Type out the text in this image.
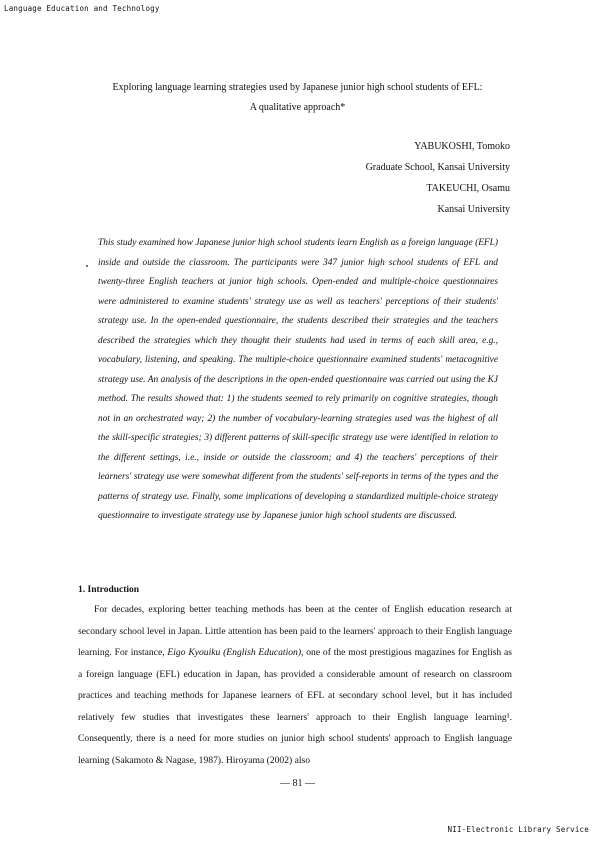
Language Education and Technology
Exploring language learning strategies used by Japanese junior high school students of EFL:
A qualitative approach*
YABUKOSHI, Tomoko
Graduate School, Kansai University
TAKEUCHI, Osamu
Kansai University

This study examined how Japanese junior high school students learn English as a foreign language (EFL) inside and outside the classroom. The participants were 347 junior high school students of EFL and twenty-three English teachers at junior high schools. Open-ended and multiple-choice questionnaires were administered to examine students' strategy use as well as teachers' perceptions of their students' strategy use. In the open-ended questionnaire, the students described their strategies and the teachers described the strategies which they thought their students had used in terms of each skill area, e.g., vocabulary, listening, and speaking. The multiple-choice questionnaire examined students' metacognitive strategy use. An analysis of the descriptions in the open-ended questionnaire was carried out using the KJ method. The results showed that: 1) the students seemed to rely primarily on cognitive strategies, though not in an orchestrated way; 2) the number of vocabulary-learning strategies used was the highest of all the skill-specific strategies; 3) different patterns of skill-specific strategy use were identified in relation to the different settings, i.e., inside or outside the classroom; and 4) the teachers' perceptions of their learners' strategy use were somewhat different from the students' self-reports in terms of the types and the patterns of strategy use. Finally, some implications of developing a standardized multiple-choice strategy questionnaire to investigate strategy use by Japanese junior high school students are discussed.

1. Introduction

For decades, exploring better teaching methods has been at the center of English education research at secondary school level in Japan. Little attention has been paid to the learners' approach to their English language learning. For instance, Eigo Kyouiku (English Education), one of the most prestigious magazines for English as a foreign language (EFL) education in Japan, has provided a considerable amount of research on classroom practices and teaching methods for Japanese learners of EFL at secondary school level, but it has included relatively few studies that investigates these learners' approach to their English language learning¹. Consequently, there is a need for more studies on junior high school students' approach to English language learning (Sakamoto & Nagase, 1987). Hiroyama (2002) also

— 81 —
NII-Electronic Library Service
